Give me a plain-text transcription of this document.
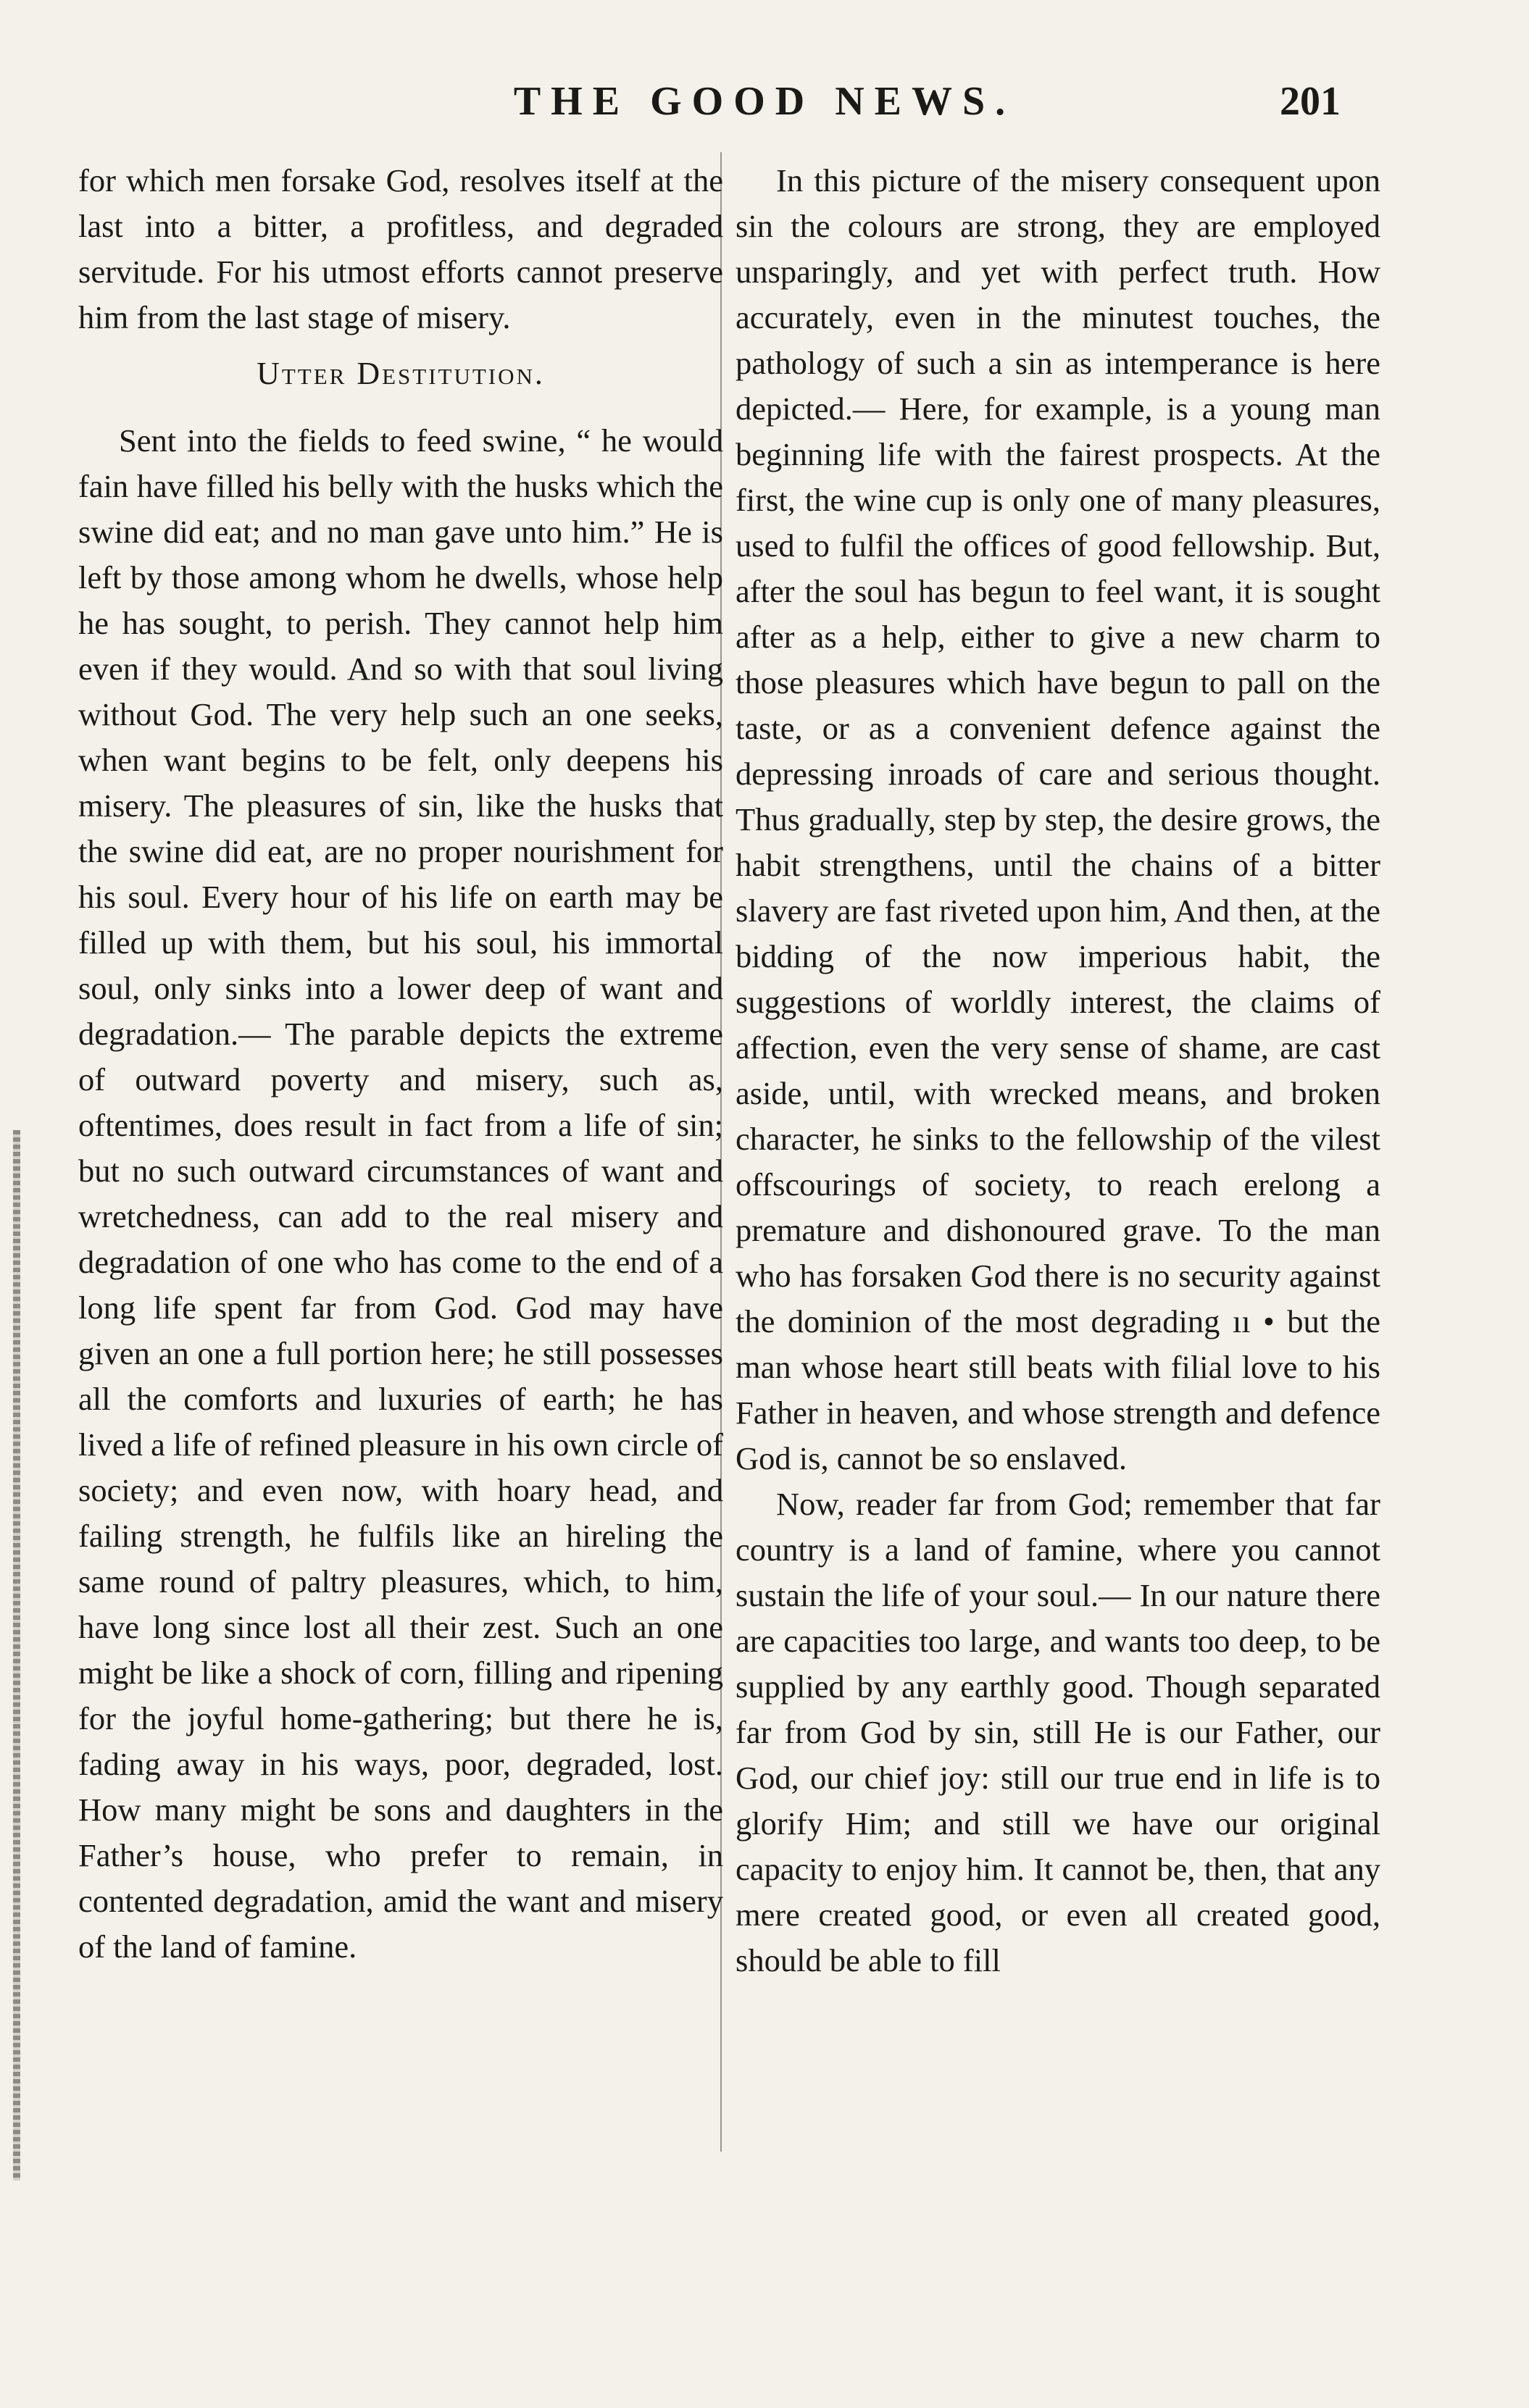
THE GOOD NEWS.	201

for which men forsake God, resolves itself at the last into a bitter, a profitless, and degraded servitude. For his utmost efforts cannot preserve him from the last stage of misery.

Utter Destitution.

Sent into the fields to feed swine, “ he would fain have filled his belly with the husks which the swine did eat; and no man gave unto him.” He is left by those among whom he dwells, whose help he has sought, to perish. They cannot help him even if they would. And so with that soul living without God. The very help such an one seeks, when want begins to be felt, only deepens his misery. The pleasures of sin, like the husks that the swine did eat, are no proper nourishment for his soul. Every hour of his life on earth may be filled up with them, but his soul, his immortal soul, only sinks into a lower deep of want and degradation.— The parable depicts the extreme of outward poverty and misery, such as, oftentimes, does result in fact from a life of sin; but no such outward circumstances of want and wretchedness, can add to the real misery and degradation of one who has come to the end of a long life spent far from God. God may have given an one a full portion here; he still possesses all the comforts and luxuries of earth; he has lived a life of refined pleasure in his own circle of society; and even now, with hoary head, and failing strength, he fulfils like an hireling the same round of paltry pleasures, which, to him, have long since lost all their zest. Such an one might be like a shock of corn, filling and ripening for the joyful home-gathering; but there he is, fading away in his ways, poor, degraded, lost. How many might be sons and daughters in the Father’s house, who prefer to remain, in contented degradation, amid the want and misery of the land of famine.

In this picture of the misery consequent upon sin the colours are strong, they are employed unsparingly, and yet with perfect truth. How accurately, even in the minutest touches, the pathology of such a sin as intemperance is here depicted.— Here, for example, is a young man beginning life with the fairest prospects. At the first, the wine cup is only one of many pleasures, used to fulfil the offices of good fellowship. But, after the soul has begun to feel want, it is sought after as a help, either to give a new charm to those pleasures which have begun to pall on the taste, or as a convenient defence against the depressing inroads of care and serious thought. Thus gradually, step by step, the desire grows, the habit strengthens, until the chains of a bitter slavery are fast riveted upon him, And then, at the bidding of the now imperious habit, the suggestions of worldly interest, the claims of affection, even the very sense of shame, are cast aside, until, with wrecked means, and broken character, he sinks to the fellowship of the vilest offscourings of society, to reach erelong a premature and dishonoured grave. To the man who has forsaken God there is no security against the dominion of the most degrading ıı • but the man whose heart still beats with filial love to his Father in heaven, and whose strength and defence God is, cannot be so enslaved.

Now, reader far from God; remember that far country is a land of famine, where you cannot sustain the life of your soul.— In our nature there are capacities too large, and wants too deep, to be supplied by any earthly good. Though separated far from God by sin, still He is our Father, our God, our chief joy: still our true end in life is to glorify Him; and still we have our original capacity to enjoy him. It cannot be, then, that any mere created good, or even all created good, should be able to fill
